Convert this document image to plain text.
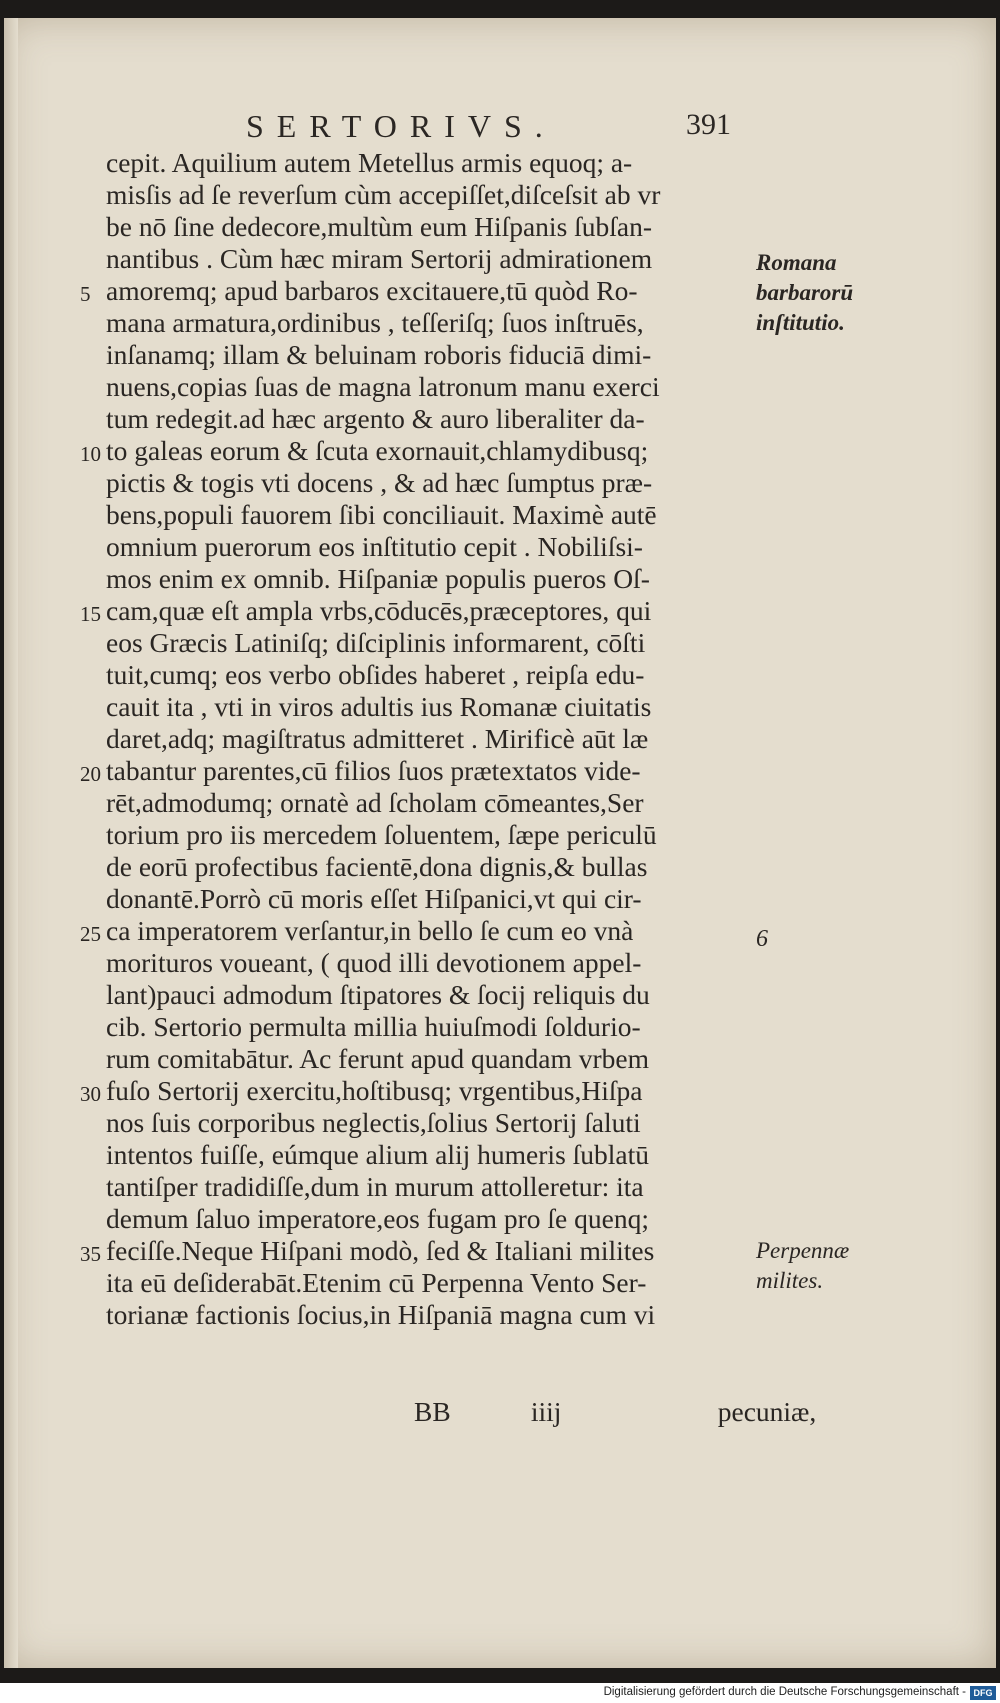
SERTORIVS.	391
cepit. Aquilium autem Metellus armis equoq; a-
misſis ad ſe reverſum cùm accepiſſet,diſceſsit ab vr
be nō ſine dedecore,multùm eum Hiſpanis ſubſan-
nantibus . Cùm hæc miram Sertorij admirationem
amoremq; apud barbaros excitauere,tū quòd Ro-
mana armatura,ordinibus , teſſeriſq; ſuos inſtruēs,
inſanamq; illam & beluinam roboris fiduciā dimi-
nuens,copias ſuas de magna latronum manu exerci
tum redegit.ad hæc argento & auro liberaliter da-
to galeas eorum & ſcuta exornauit,chlamydibusq;
pictis & togis vti docens , & ad hæc ſumptus præ-
bens,populi fauorem ſibi conciliauit. Maximè autē
omnium puerorum eos inſtitutio cepit . Nobiliſsi-
mos enim ex omnib. Hiſpaniæ populis pueros Oſ-
cam,quæ eſt ampla vrbs,cōducēs,præceptores, qui
eos Græcis Latiniſq; diſciplinis informarent, cōſti
tuit,cumq; eos verbo obſides haberet , reipſa edu-
cauit ita , vti in viros adultis ius Romanæ ciuitatis
daret,adq; magiſtratus admitteret . Mirificè aūt læ
tabantur parentes,cū filios ſuos prætextatos vide-
rēt,admodumq; ornatè ad ſcholam cōmeantes,Ser
torium pro iis mercedem ſoluentem, ſæpe periculū
de eorū profectibus facientē,dona dignis,& bullas
donantē.Porrò cū moris eſſet Hiſpanici,vt qui cir-
ca imperatorem verſantur,in bello ſe cum eo vnà
morituros voueant, ( quod illi devotionem appel-
lant)pauci admodum ſtipatores & ſocij reliquis du
cib. Sertorio permulta millia huiuſmodi ſoldurio-
rum comitabātur. Ac ferunt apud quandam vrbem
fuſo Sertorij exercitu,hoſtibusq; vrgentibus,Hiſpa
nos ſuis corporibus neglectis,ſolius Sertorij ſaluti
intentos fuiſſe, eúmque alium alij humeris ſublatū
tantiſper tradidiſſe,dum in murum attolleretur: ita
demum ſaluo imperatore,eos fugam pro ſe quenq;
feciſſe.Neque Hiſpani modò, ſed & Italiani milites
ita eū deſiderabāt.Etenim cū Perpenna Vento Ser-
torianæ factionis ſocius,in Hiſpaniā magna cum vi
5
10
15
20
25
30
35
Romana
barbarorū
inſtitutio.
6
Perpennæ
milites.
BB	iiij	pecuniæ,
Digitalisierung gefördert durch die Deutsche Forschungsgemeinschaft - DFG
